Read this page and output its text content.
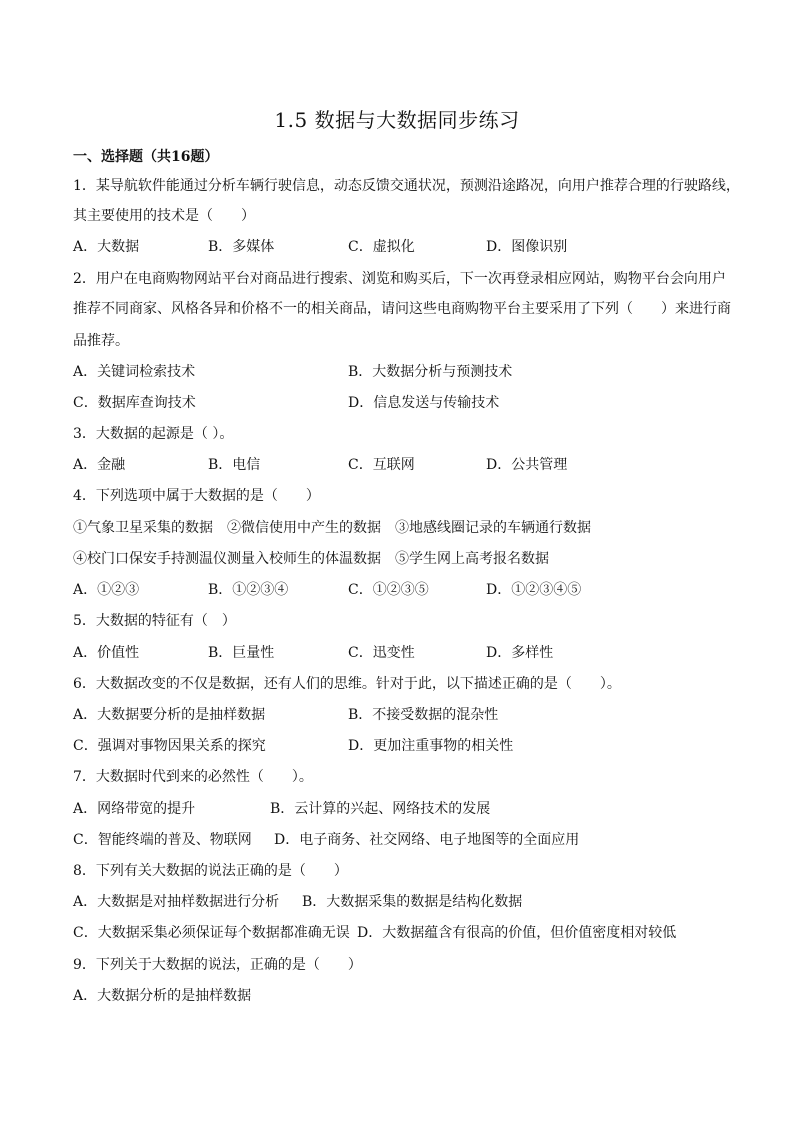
1.5 数据与大数据同步练习
一、选择题（共16题）
1．某导航软件能通过分析车辆行驶信息，动态反馈交通状况，预测沿途路况，向用户推荐合理的行驶路线，
其主要使用的技术是（　　）
A．大数据	B．多媒体	C．虚拟化	D．图像识别
2．用户在电商购物网站平台对商品进行搜索、浏览和购买后，下一次再登录相应网站，购物平台会向用户
推荐不同商家、风格各异和价格不一的相关商品，请问这些电商购物平台主要采用了下列（　　）来进行商
品推荐。
A．关键词检索技术	B．大数据分析与预测技术
C．数据库查询技术	D．信息发送与传输技术
3．大数据的起源是（ ）。
A．金融	B．电信	C．互联网	D．公共管理
4．下列选项中属于大数据的是（　　）
①气象卫星采集的数据　②微信使用中产生的数据　③地感线圈记录的车辆通行数据
④校门口保安手持测温仪测量入校师生的体温数据　⑤学生网上高考报名数据
A．①②③	B．①②③④	C．①②③⑤	D．①②③④⑤
5．大数据的特征有（　）
A．价值性	B．巨量性	C．迅变性	D．多样性
6．大数据改变的不仅是数据，还有人们的思维。针对于此，以下描述正确的是（　　）。
A．大数据要分析的是抽样数据	B．不接受数据的混杂性
C．强调对事物因果关系的探究	D．更加注重事物的相关性
7．大数据时代到来的必然性（　　）。
A．网络带宽的提升	B．云计算的兴起、网络技术的发展
C．智能终端的普及、物联网 D．电子商务、社交网络、电子地图等的全面应用
8．下列有关大数据的说法正确的是（　　）
A．大数据是对抽样数据进行分析 B．大数据采集的数据是结构化数据
C．大数据采集必须保证每个数据都准确无误 D．大数据蕴含有很高的价值，但价值密度相对较低
9．下列关于大数据的说法，正确的是（　　）
A．大数据分析的是抽样数据
